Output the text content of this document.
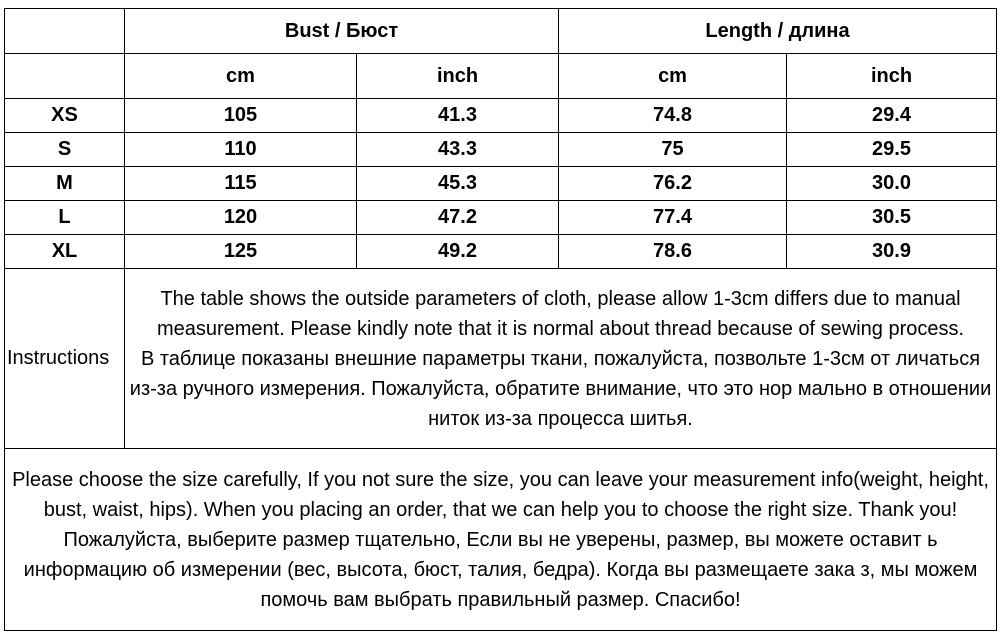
	Bust / Бюст		Length / длина	
	cm	inch	cm	inch
XS	105	41.3	74.8	29.4
S	110	43.3	75	29.5
M	115	45.3	76.2	30.0
L	120	47.2	77.4	30.5
XL	125	49.2	78.6	30.9
Instructions	The table shows the outside parameters of cloth, please allow 1-3cm differs due to manual measurement. Please kindly note that it is normal about thread because of sewing process.

В таблице показаны внешние параметры ткани, пожалуйста, позвольте 1-3см от личаться из-за ручного измерения. Пожалуйста, обратите внимание, что это нор мально в отношении ниток из-за процесса шитья.			

Please choose the size carefully, If you not sure the size, you can leave your measurement info(weight, height, bust, waist, hips). When you placing an order, that we can help you to choose the right size. Thank you!

Пожалуйста, выберите размер тщательно, Если вы не уверены, размер, вы можете оставит ь информацию об измерении (вес, высота, бюст, талия, бедра). Когда вы размещаете зака з, мы можем помочь вам выбрать правильный размер. Спасибо!				
